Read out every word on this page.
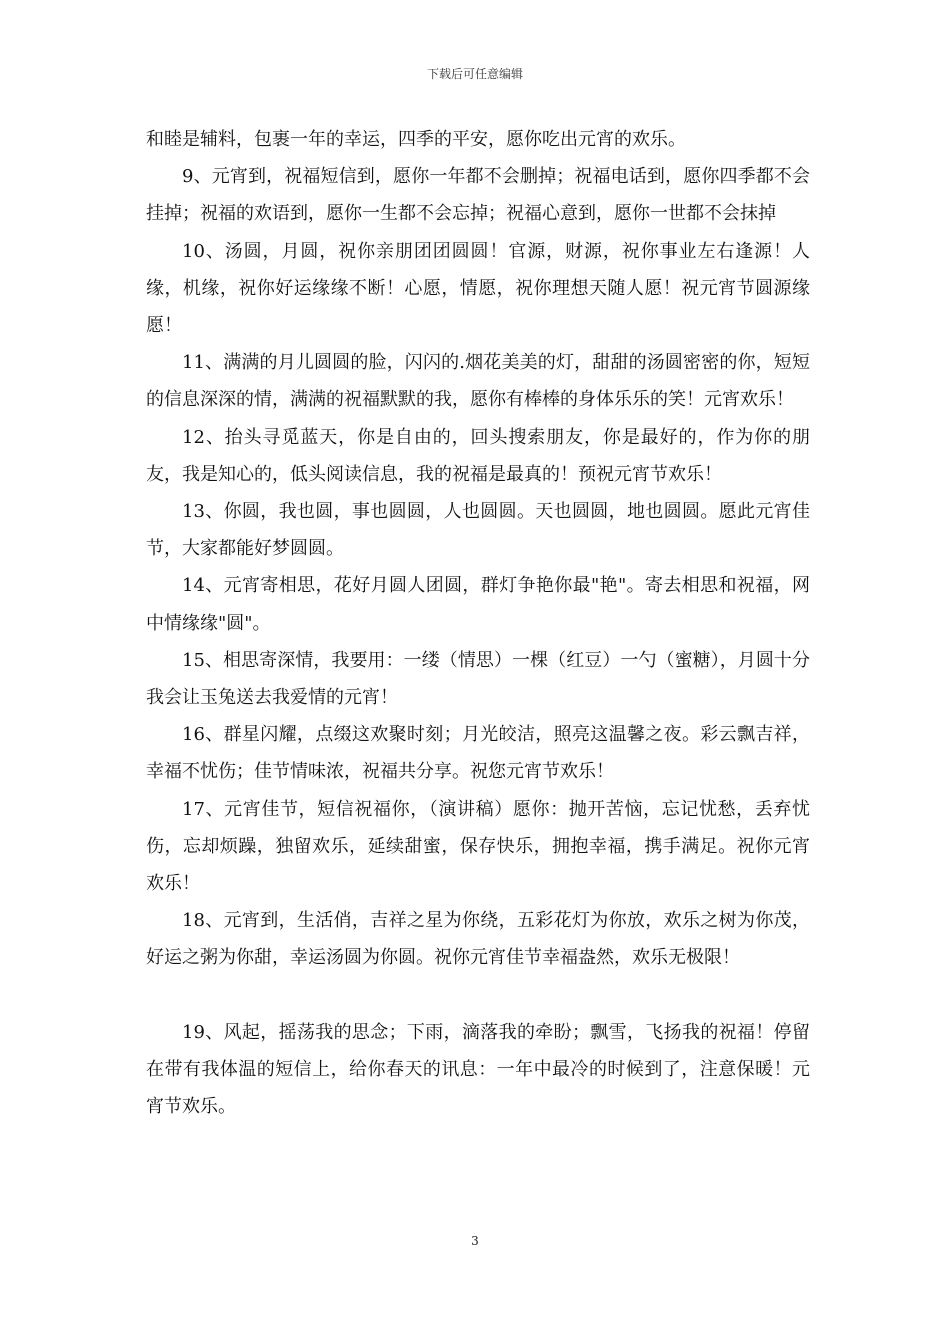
下载后可任意编辑

和睦是辅料，包裹一年的幸运，四季的平安，愿你吃出元宵的欢乐。

9、元宵到，祝福短信到，愿你一年都不会删掉；祝福电话到，愿你四季都不会挂掉；祝福的欢语到，愿你一生都不会忘掉；祝福心意到，愿你一世都不会抹掉

10、汤圆，月圆，祝你亲朋团团圆圆！官源，财源，祝你事业左右逢源！人缘，机缘，祝你好运缘缘不断！心愿，情愿，祝你理想天随人愿！祝元宵节圆源缘愿！

11、满满的月儿圆圆的脸，闪闪的.烟花美美的灯，甜甜的汤圆密密的你，短短的信息深深的情，满满的祝福默默的我，愿你有棒棒的身体乐乐的笑！元宵欢乐！

12、抬头寻觅蓝天，你是自由的，回头搜索朋友，你是最好的，作为你的朋友，我是知心的，低头阅读信息，我的祝福是最真的！预祝元宵节欢乐！

13、你圆，我也圆，事也圆圆，人也圆圆。天也圆圆，地也圆圆。愿此元宵佳节，大家都能好梦圆圆。

14、元宵寄相思，花好月圆人团圆，群灯争艳你最"艳"。寄去相思和祝福，网中情缘缘"圆"。

15、相思寄深情，我要用：一缕（情思）一棵（红豆）一勺（蜜糖），月圆十分我会让玉兔送去我爱情的元宵！

16、群星闪耀，点缀这欢聚时刻；月光皎洁，照亮这温馨之夜。彩云飘吉祥，幸福不忧伤；佳节情味浓，祝福共分享。祝您元宵节欢乐！

17、元宵佳节，短信祝福你，（演讲稿）愿你：抛开苦恼，忘记忧愁，丢弃忧伤，忘却烦躁，独留欢乐，延续甜蜜，保存快乐，拥抱幸福，携手满足。祝你元宵欢乐！

18、元宵到，生活俏，吉祥之星为你绕，五彩花灯为你放，欢乐之树为你茂，好运之粥为你甜，幸运汤圆为你圆。祝你元宵佳节幸福盎然，欢乐无极限！

19、风起，摇荡我的思念；下雨，滴落我的牵盼；飘雪，飞扬我的祝福！停留在带有我体温的短信上，给你春天的讯息：一年中最冷的时候到了，注意保暖！元宵节欢乐。

3
